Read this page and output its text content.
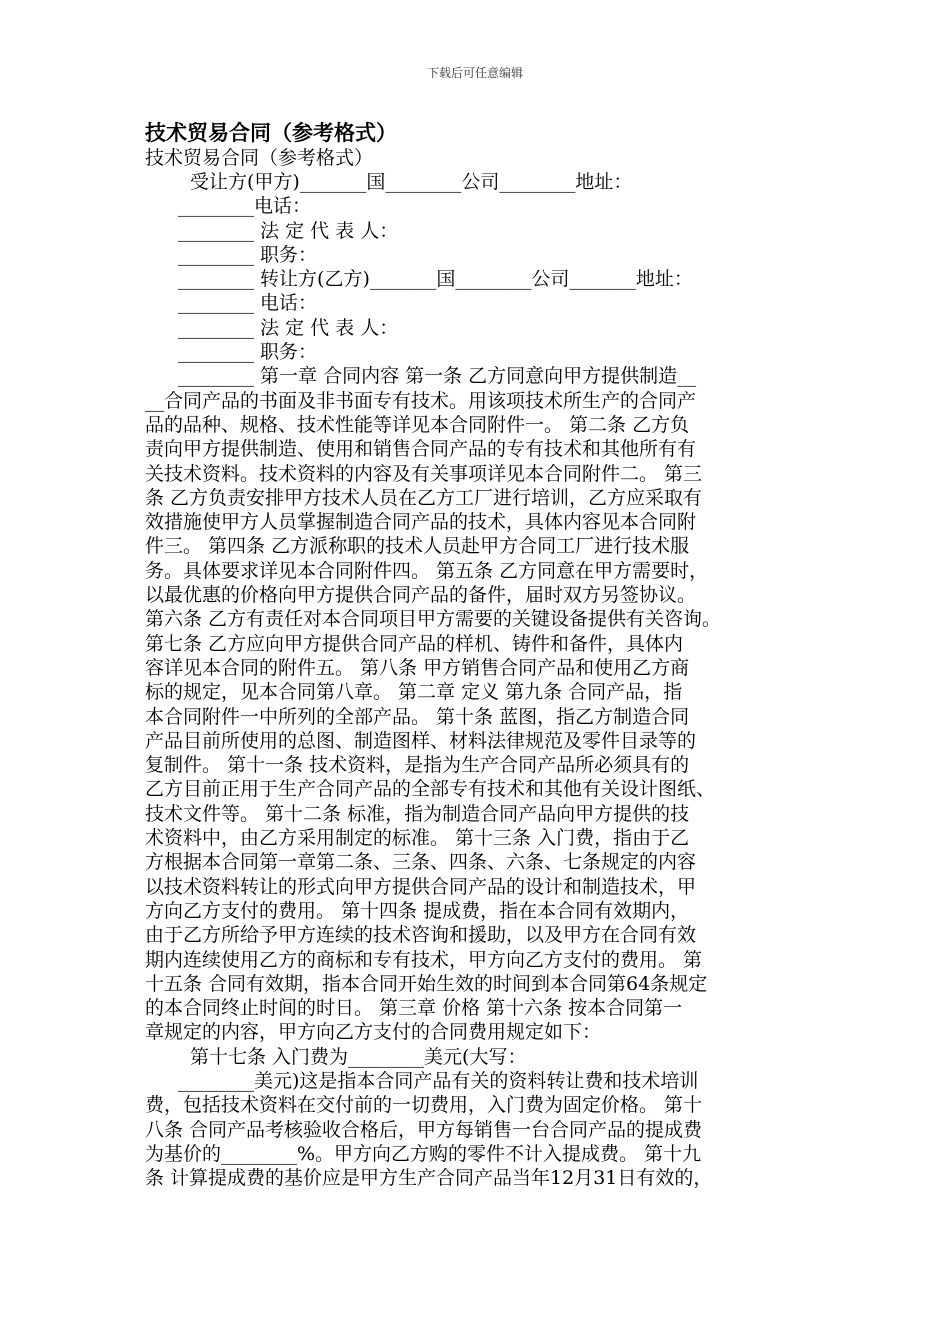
下载后可任意编辑
技术贸易合同（参考格式）
技术贸易合同（参考格式）
受让方(甲方)_______国________公司________地址：
________电话：
________ 法 定 代 表 人：
________ 职务：
________ 转让方(乙方)_______国________公司_______地址：
________ 电话：
________ 法 定 代 表 人：
________ 职务：
________ 第一章 合同内容 第一条 乙方同意向甲方提供制造__
__合同产品的书面及非书面专有技术。用该项技术所生产的合同产
品的品种、规格、技术性能等详见本合同附件一。 第二条 乙方负
责向甲方提供制造、使用和销售合同产品的专有技术和其他所有有
关技术资料。技术资料的内容及有关事项详见本合同附件二。 第三
条 乙方负责安排甲方技术人员在乙方工厂进行培训，乙方应采取有
效措施使甲方人员掌握制造合同产品的技术，具体内容见本合同附
件三。 第四条 乙方派称职的技术人员赴甲方合同工厂进行技术服
务。具体要求详见本合同附件四。 第五条 乙方同意在甲方需要时，
以最优惠的价格向甲方提供合同产品的备件，届时双方另签协议。
第六条 乙方有责任对本合同项目甲方需要的关键设备提供有关咨询。
第七条 乙方应向甲方提供合同产品的样机、铸件和备件，具体内
容详见本合同的附件五。 第八条 甲方销售合同产品和使用乙方商
标的规定，见本合同第八章。 第二章 定义 第九条 合同产品，指
本合同附件一中所列的全部产品。 第十条 蓝图，指乙方制造合同
产品目前所使用的总图、制造图样、材料法律规范及零件目录等的
复制件。 第十一条 技术资料，是指为生产合同产品所必须具有的
乙方目前正用于生产合同产品的全部专有技术和其他有关设计图纸、
技术文件等。 第十二条 标准，指为制造合同产品向甲方提供的技
术资料中，由乙方采用制定的标准。 第十三条 入门费，指由于乙
方根据本合同第一章第二条、三条、四条、六条、七条规定的内容
以技术资料转让的形式向甲方提供合同产品的设计和制造技术，甲
方向乙方支付的费用。 第十四条 提成费，指在本合同有效期内，
由于乙方所给予甲方连续的技术咨询和援助，以及甲方在合同有效
期内连续使用乙方的商标和专有技术，甲方向乙方支付的费用。 第
十五条 合同有效期，指本合同开始生效的时间到本合同第64条规定
的本合同终止时间的时日。 第三章 价格 第十六条 按本合同第一
章规定的内容，甲方向乙方支付的合同费用规定如下：
第十七条 入门费为________美元(大写：
________美元)这是指本合同产品有关的资料转让费和技术培训
费，包括技术资料在交付前的一切费用，入门费为固定价格。 第十
八条 合同产品考核验收合格后，甲方每销售一台合同产品的提成费
为基价的________%。甲方向乙方购的零件不计入提成费。 第十九
条 计算提成费的基价应是甲方生产合同产品当年12月31日有效的，
